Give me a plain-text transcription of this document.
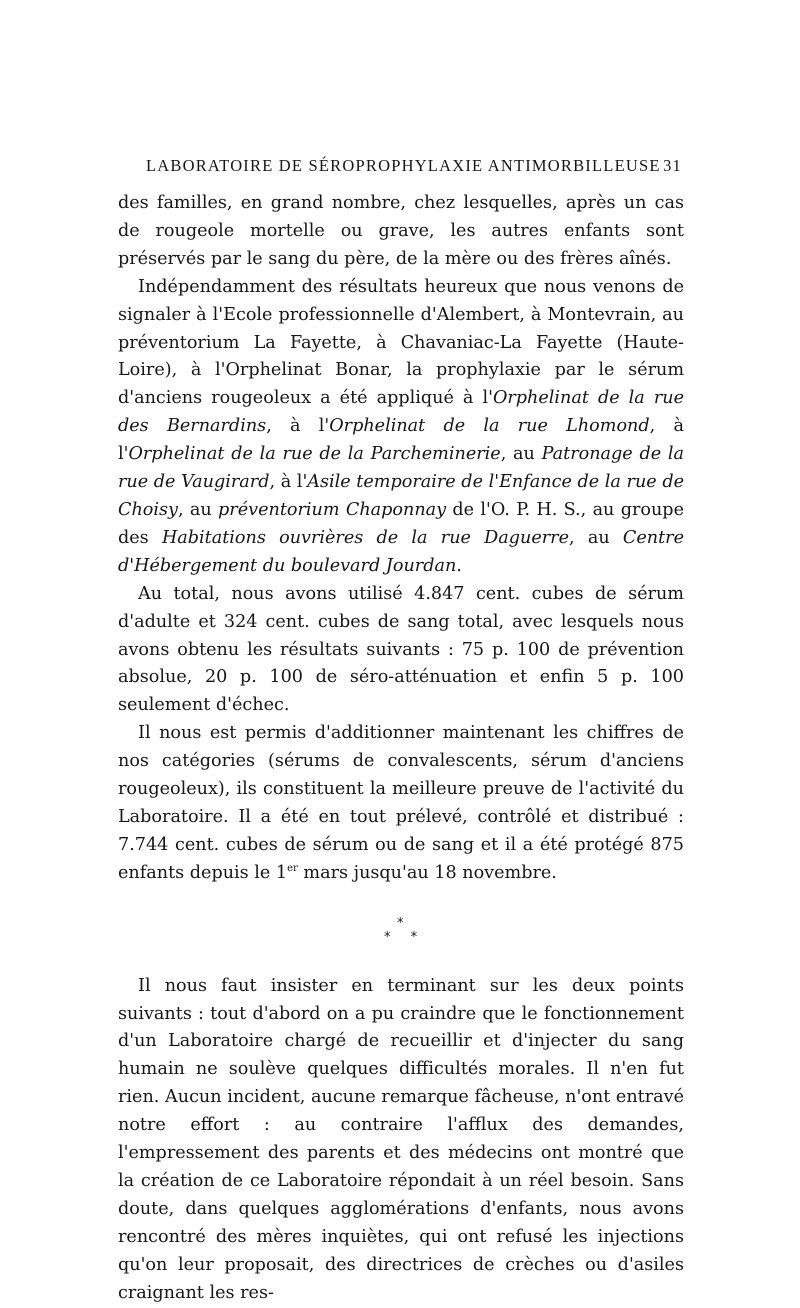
LABORATOIRE DE SÉROPROPHYLAXIE ANTIMORBILLEUSE 31

des familles, en grand nombre, chez lesquelles, après un cas de rougeole mortelle ou grave, les autres enfants sont préservés par le sang du père, de la mère ou des frères aînés.

Indépendamment des résultats heureux que nous venons de signaler à l'Ecole professionnelle d'Alembert, à Montevrain, au préventorium La Fayette, à Chavaniac-La Fayette (Haute-Loire), à l'Orphelinat Bonar, la prophylaxie par le sérum d'anciens rougeoleux a été appliqué à l'Orphelinat de la rue des Bernardins, à l'Orphelinat de la rue Lhomond, à l'Orphelinat de la rue de la Parcheminerie, au Patronage de la rue de Vaugirard, à l'Asile temporaire de l'Enfance de la rue de Choisy, au préventorium Chaponnay de l'O. P. H. S., au groupe des Habitations ouvrières de la rue Daguerre, au Centre d'Hébergement du boulevard Jourdan.

Au total, nous avons utilisé 4.847 cent. cubes de sérum d'adulte et 324 cent. cubes de sang total, avec lesquels nous avons obtenu les résultats suivants : 75 p. 100 de prévention absolue, 20 p. 100 de séro-atténuation et enfin 5 p. 100 seulement d'échec.

Il nous est permis d'additionner maintenant les chiffres de nos catégories (sérums de convalescents, sérum d'anciens rougeoleux), ils constituent la meilleure preuve de l'activité du Laboratoire. Il a été en tout prélevé, contrôlé et distribué : 7.744 cent. cubes de sérum ou de sang et il a été protégé 875 enfants depuis le 1er mars jusqu'au 18 novembre.

*
* *

Il nous faut insister en terminant sur les deux points suivants : tout d'abord on a pu craindre que le fonctionnement d'un Laboratoire chargé de recueillir et d'injecter du sang humain ne soulève quelques difficultés morales. Il n'en fut rien. Aucun incident, aucune remarque fâcheuse, n'ont entravé notre effort : au contraire l'afflux des demandes, l'empressement des parents et des médecins ont montré que la création de ce Laboratoire répondait à un réel besoin. Sans doute, dans quelques agglomérations d'enfants, nous avons rencontré des mères inquiètes, qui ont refusé les injections qu'on leur proposait, des directrices de crèches ou d'asiles craignant les res-
